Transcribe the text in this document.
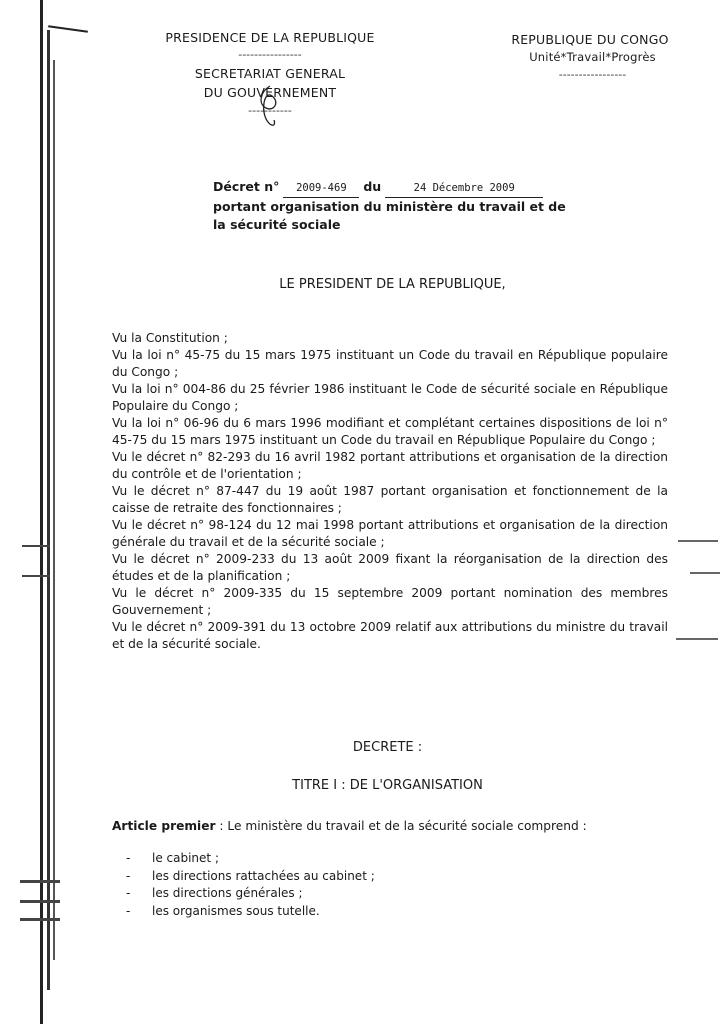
PRESIDENCE DE LA REPUBLIQUE
----------------
SECRETARIAT GENERAL
DU GOUVERNEMENT
-----------
REPUBLIQUE DU CONGO
Unité*Travail*Progrès
-----------------
Décret n° 2009-469 du	24 Décembre 2009
portant organisation du ministère du travail et de
la sécurité sociale
LE PRESIDENT DE LA REPUBLIQUE,

Vu la Constitution ;

Vu la loi n° 45-75 du 15 mars 1975 instituant un Code du travail en République populaire du Congo ;

Vu la loi n° 004-86 du 25 février 1986 instituant le Code de sécurité sociale en République Populaire du Congo ;

Vu la loi n° 06-96 du 6 mars 1996 modifiant et complétant certaines dispositions de loi n° 45-75 du 15 mars 1975 instituant un Code du travail en République Populaire du Congo ;

Vu le décret n° 82-293 du 16 avril 1982 portant attributions et organisation de la direction du contrôle et de l'orientation ;

Vu le décret n° 87-447 du 19 août 1987 portant organisation et fonctionnement de la caisse de retraite des fonctionnaires ;

Vu le décret n° 98-124 du 12 mai 1998 portant attributions et organisation de la direction générale du travail et de la sécurité sociale ;

Vu le décret n° 2009-233 du 13 août 2009 fixant la réorganisation de la direction des études et de la planification ;

Vu le décret n° 2009-335 du 15 septembre 2009 portant nomination des membres Gouvernement ;

Vu le décret n° 2009-391 du 13 octobre 2009 relatif aux attributions du ministre du travail et de la sécurité sociale.

DECRETE :
TITRE I : DE L'ORGANISATION

Article premier : Le ministère du travail et de la sécurité sociale comprend :

- le cabinet ;
- les directions rattachées au cabinet ;
- les directions générales ;
- les organismes sous tutelle.
